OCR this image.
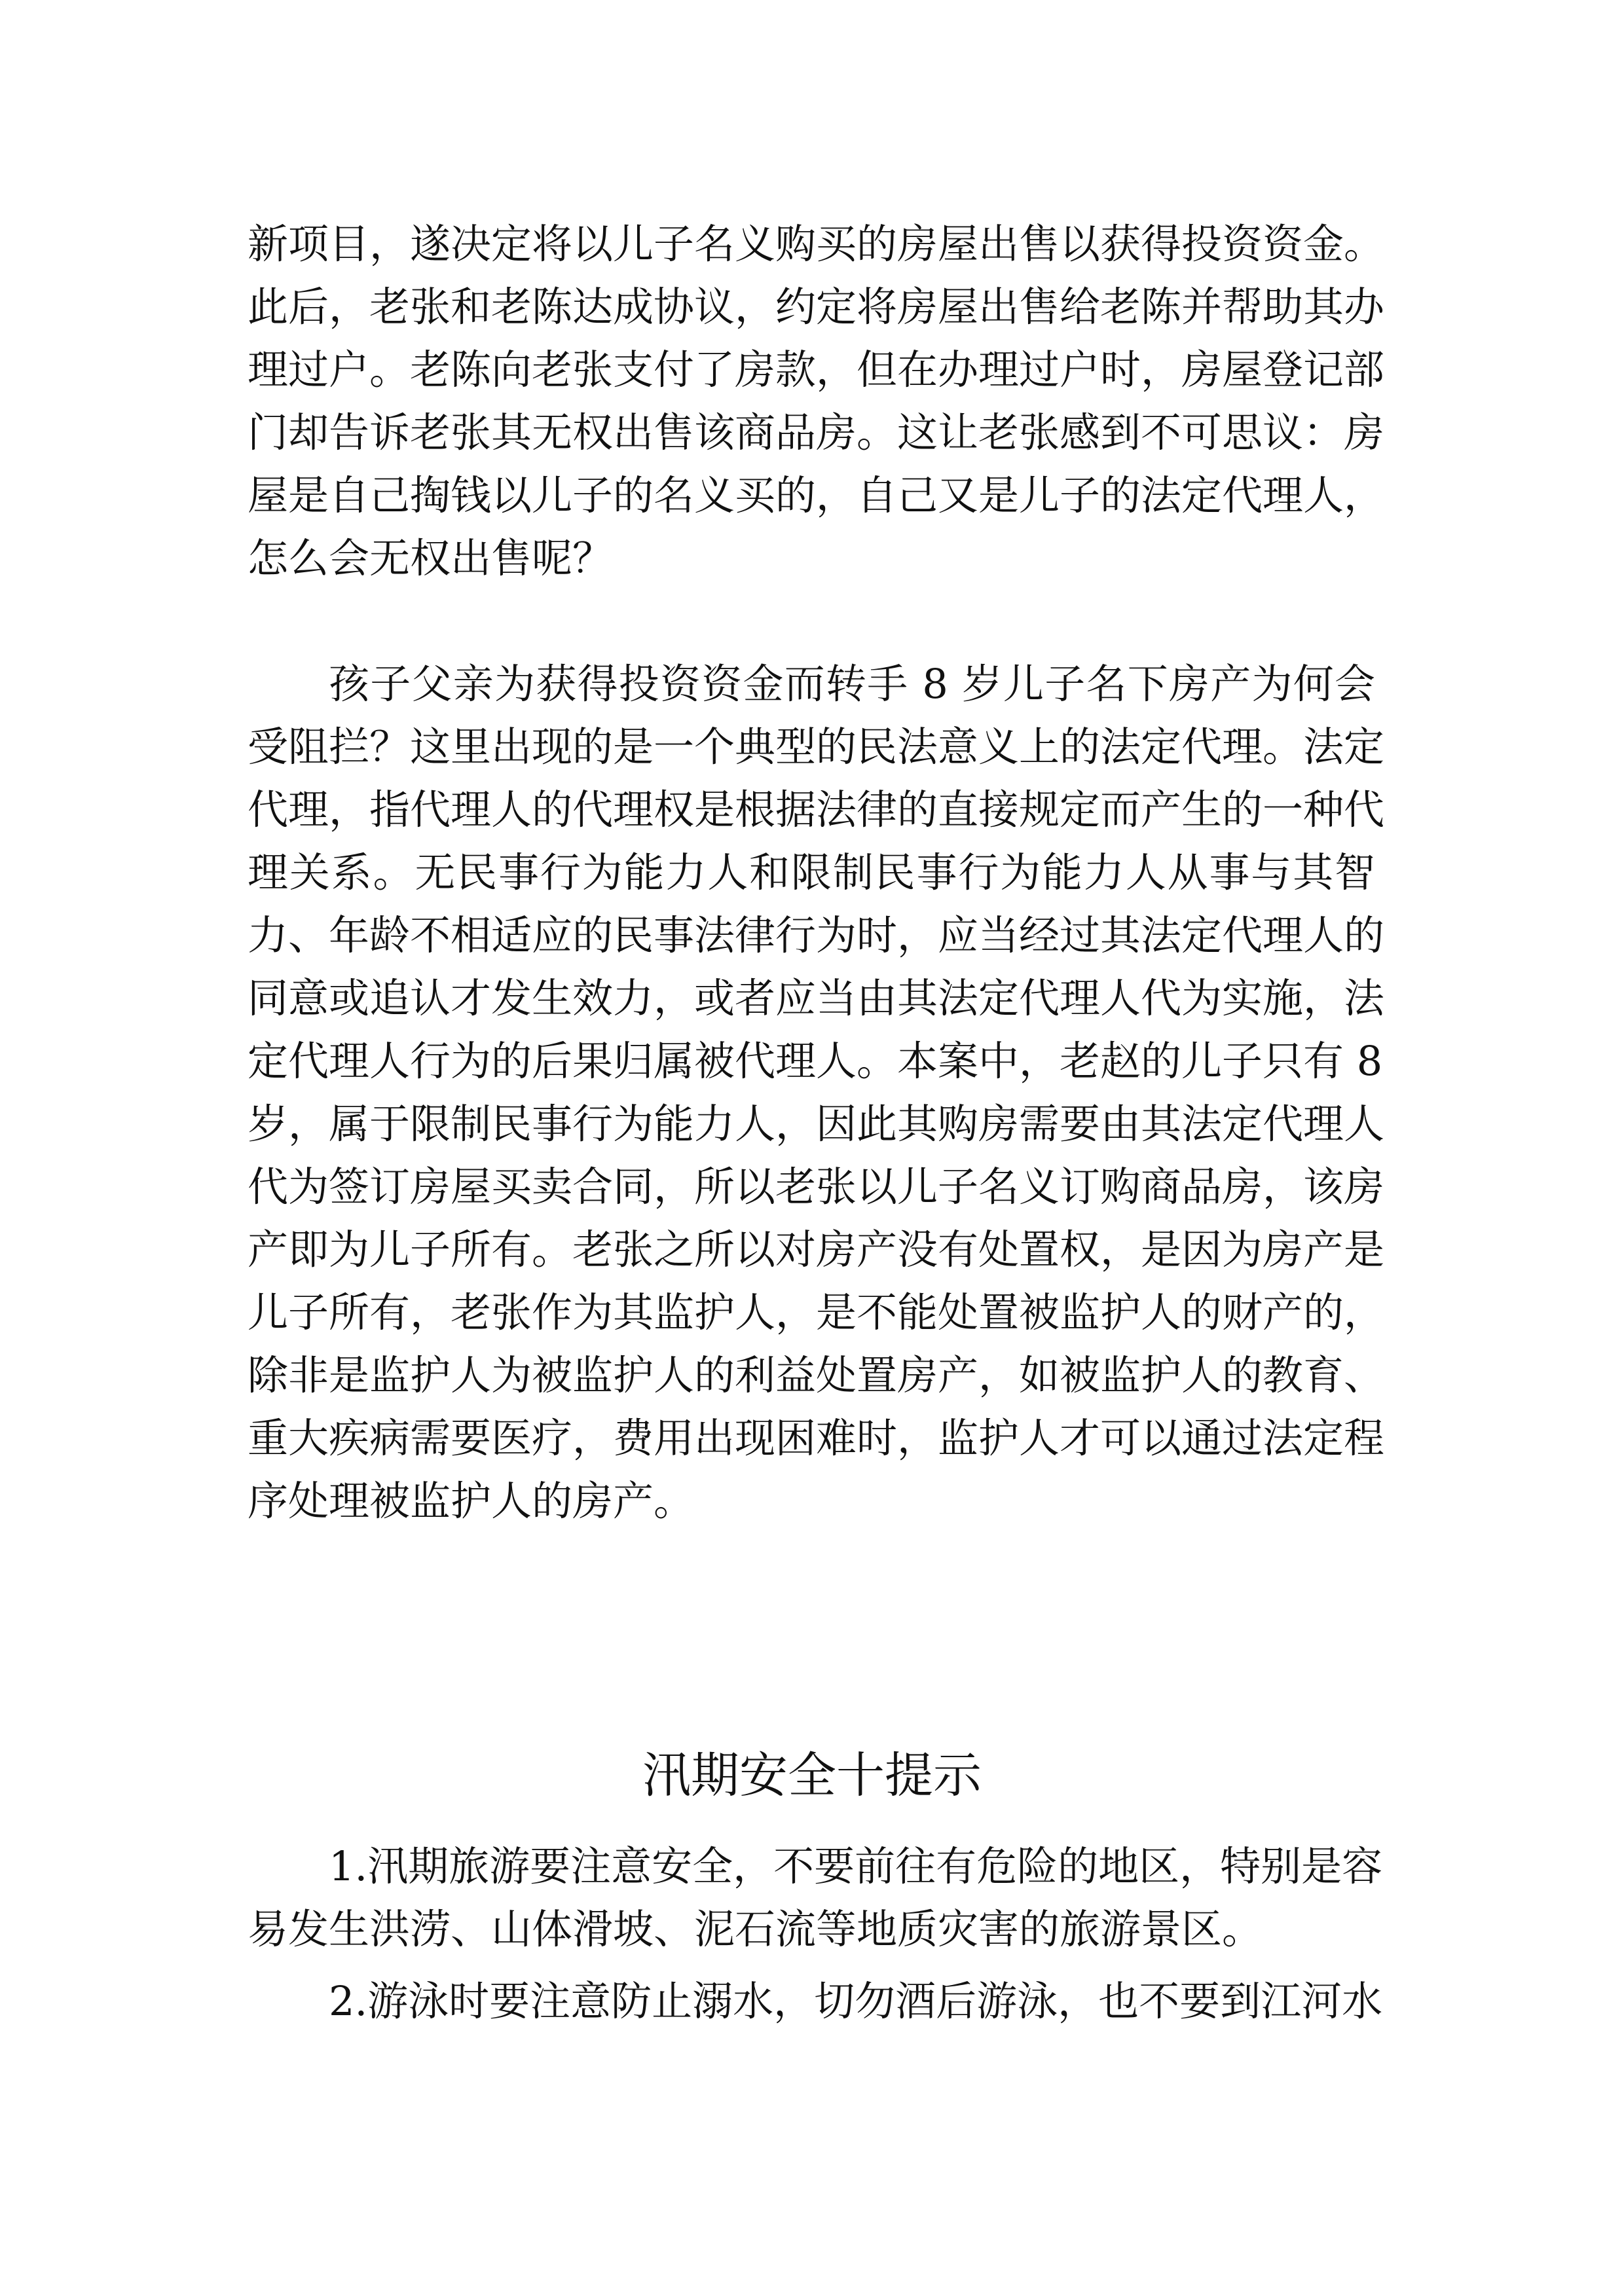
新项目，遂决定将以儿子名义购买的房屋出售以获得投资资金。
此后，老张和老陈达成协议，约定将房屋出售给老陈并帮助其办
理过户。老陈向老张支付了房款，但在办理过户时，房屋登记部
门却告诉老张其无权出售该商品房。这让老张感到不可思议：房
屋是自己掏钱以儿子的名义买的，自己又是儿子的法定代理人，
怎么会无权出售呢？
孩子父亲为获得投资资金而转手 8 岁儿子名下房产为何会
受阻拦？这里出现的是一个典型的民法意义上的法定代理。法定
代理，指代理人的代理权是根据法律的直接规定而产生的一种代
理关系。无民事行为能力人和限制民事行为能力人从事与其智
力、年龄不相适应的民事法律行为时，应当经过其法定代理人的
同意或追认才发生效力，或者应当由其法定代理人代为实施，法
定代理人行为的后果归属被代理人。本案中，老赵的儿子只有 8
岁，属于限制民事行为能力人，因此其购房需要由其法定代理人
代为签订房屋买卖合同，所以老张以儿子名义订购商品房，该房
产即为儿子所有。老张之所以对房产没有处置权，是因为房产是
儿子所有，老张作为其监护人，是不能处置被监护人的财产的，
除非是监护人为被监护人的利益处置房产，如被监护人的教育、
重大疾病需要医疗，费用出现困难时，监护人才可以通过法定程
序处理被监护人的房产。
汛期安全十提示
1.汛期旅游要注意安全，不要前往有危险的地区，特别是容
易发生洪涝、山体滑坡、泥石流等地质灾害的旅游景区。
2.游泳时要注意防止溺水，切勿酒后游泳，也不要到江河水
